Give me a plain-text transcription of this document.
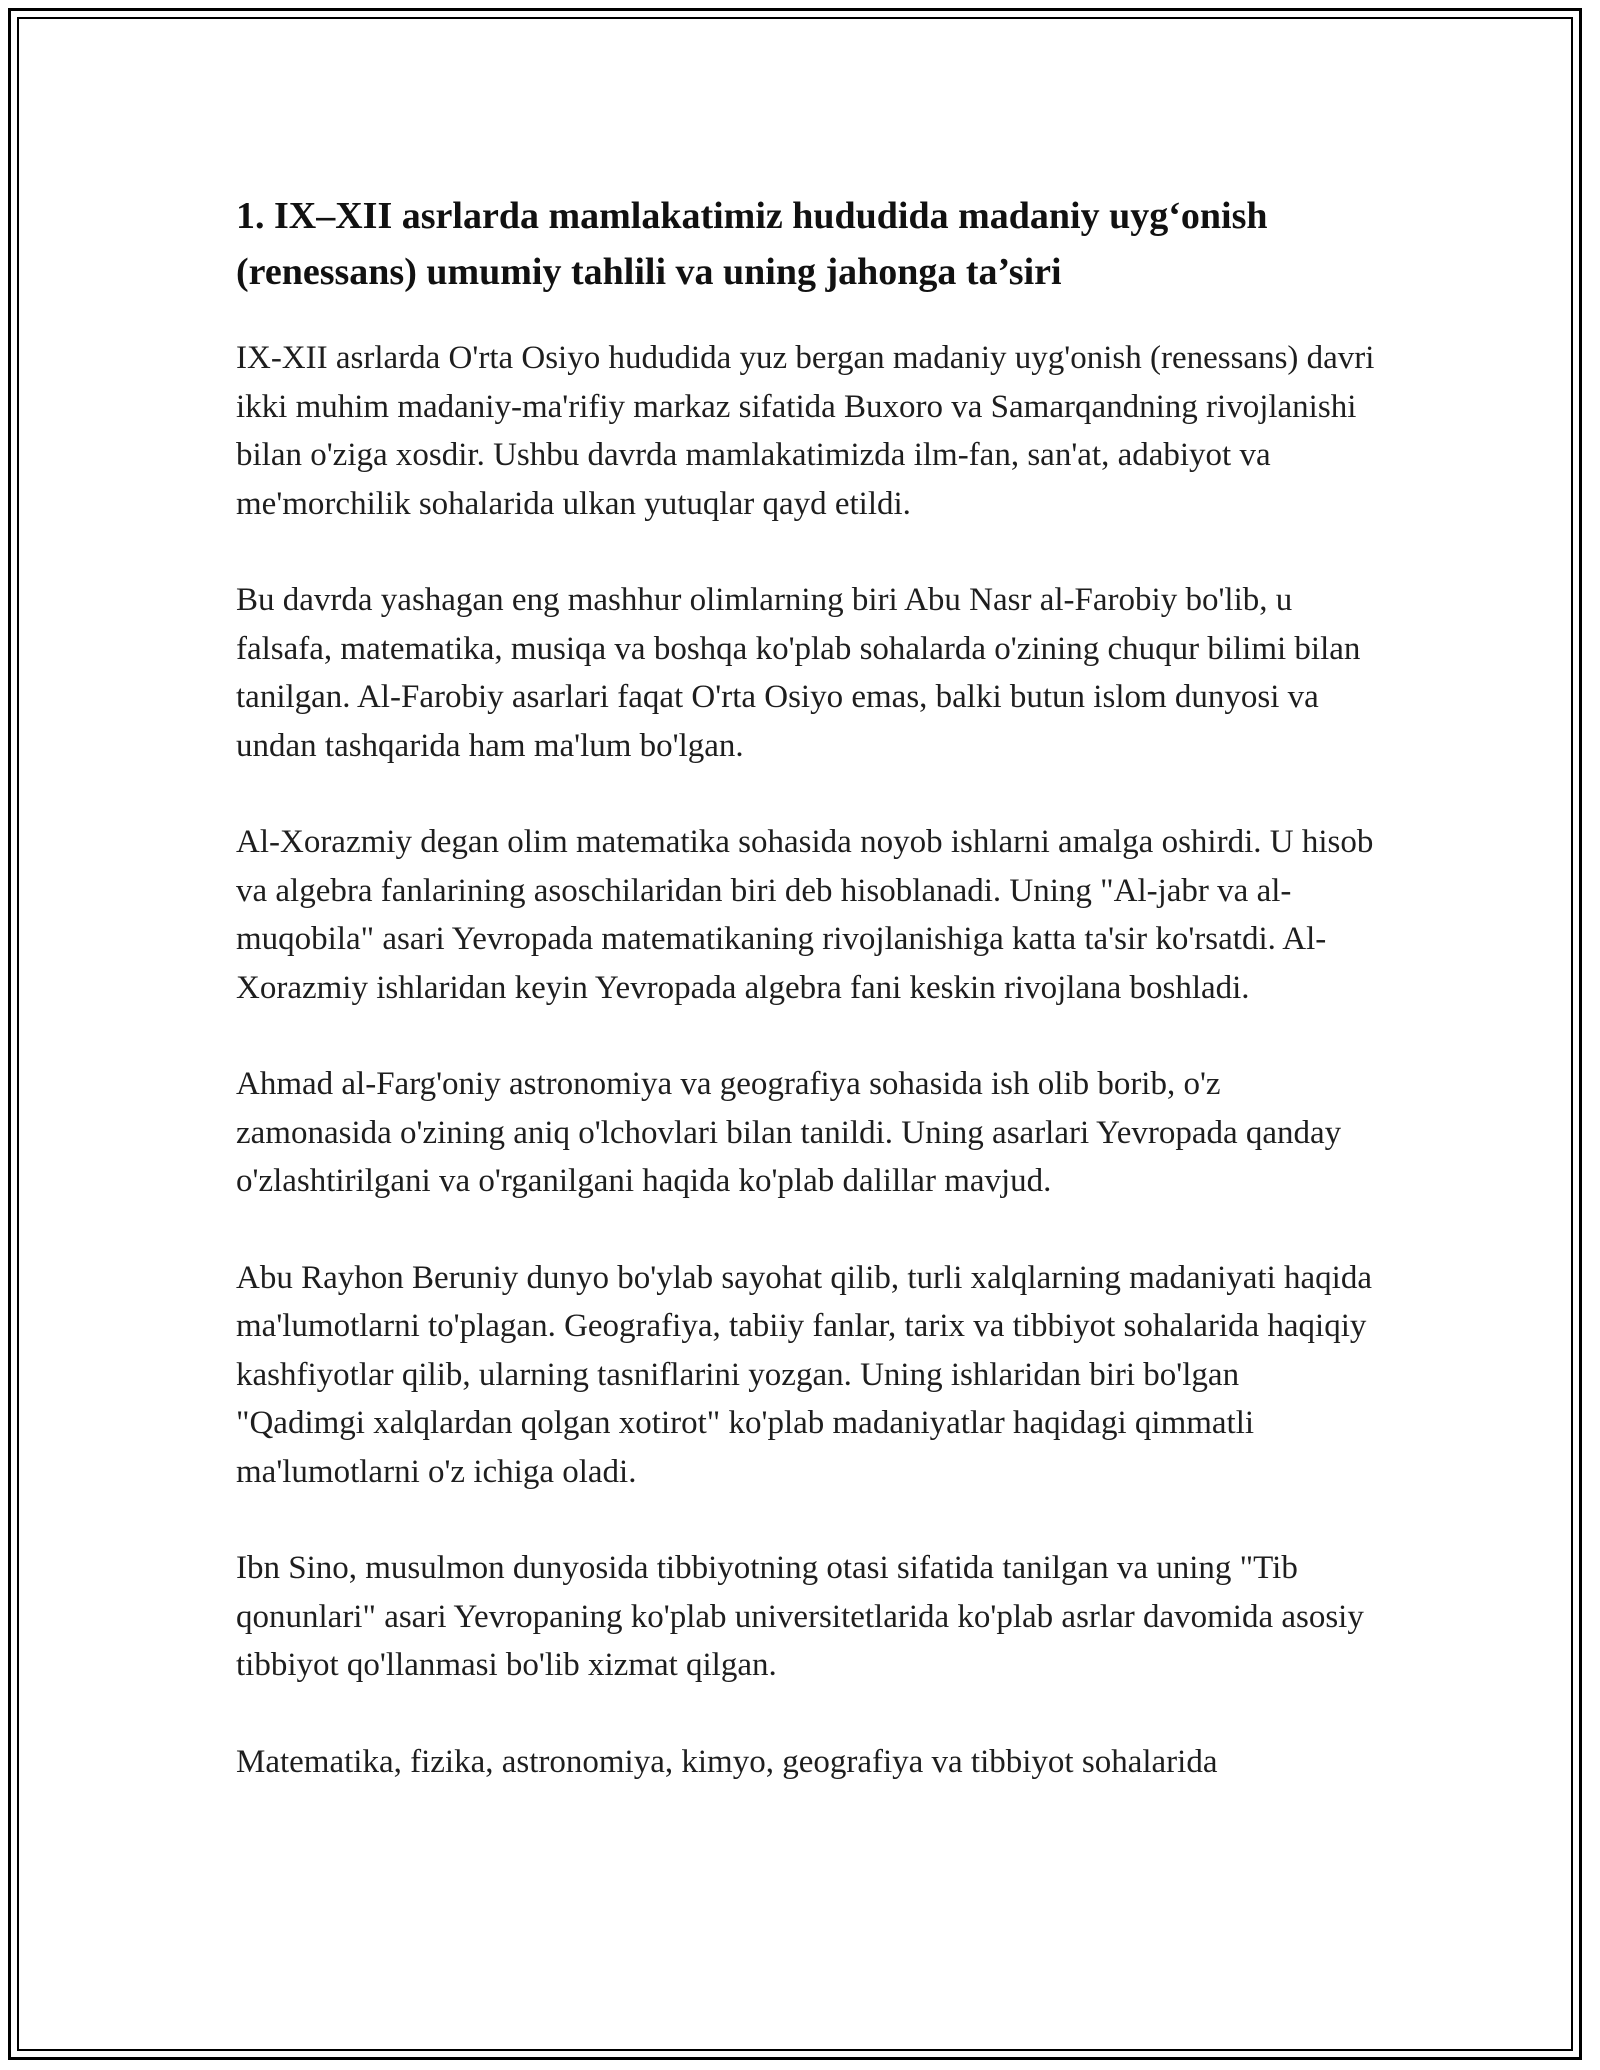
1. IX–XII asrlarda mamlakatimiz hududida madaniy uyg‘onish (renessans) umumiy tahlili va uning jahonga ta’siri

IX-XII asrlarda O'rta Osiyo hududida yuz bergan madaniy uyg'onish (renessans) davri ikki muhim madaniy-ma'rifiy markaz sifatida Buxoro va Samarqandning rivojlanishi bilan o'ziga xosdir. Ushbu davrda mamlakatimizda ilm-fan, san'at, adabiyot va me'morchilik sohalarida ulkan yutuqlar qayd etildi.

Bu davrda yashagan eng mashhur olimlarning biri Abu Nasr al-Farobiy bo'lib, u falsafa, matematika, musiqa va boshqa ko'plab sohalarda o'zining chuqur bilimi bilan tanilgan. Al-Farobiy asarlari faqat O'rta Osiyo emas, balki butun islom dunyosi va undan tashqarida ham ma'lum bo'lgan.

Al-Xorazmiy degan olim matematika sohasida noyob ishlarni amalga oshirdi. U hisob va algebra fanlarining asoschilaridan biri deb hisoblanadi. Uning "Al-jabr va al-muqobila" asari Yevropada matematikaning rivojlanishiga katta ta'sir ko'rsatdi. Al-Xorazmiy ishlaridan keyin Yevropada algebra fani keskin rivojlana boshladi.

Ahmad al-Farg'oniy astronomiya va geografiya sohasida ish olib borib, o'z zamonasida o'zining aniq o'lchovlari bilan tanildi. Uning asarlari Yevropada qanday o'zlashtirilgani va o'rganilgani haqida ko'plab dalillar mavjud.

Abu Rayhon Beruniy dunyo bo'ylab sayohat qilib, turli xalqlarning madaniyati haqida ma'lumotlarni to'plagan. Geografiya, tabiiy fanlar, tarix va tibbiyot sohalarida haqiqiy kashfiyotlar qilib, ularning tasniflarini yozgan. Uning ishlaridan biri bo'lgan "Qadimgi xalqlardan qolgan xotirot" ko'plab madaniyatlar haqidagi qimmatli ma'lumotlarni o'z ichiga oladi.

Ibn Sino, musulmon dunyosida tibbiyotning otasi sifatida tanilgan va uning "Tib qonunlari" asari Yevropaning ko'plab universitetlarida ko'plab asrlar davomida asosiy tibbiyot qo'llanmasi bo'lib xizmat qilgan.

Matematika, fizika, astronomiya, kimyo, geografiya va tibbiyot sohalarida
